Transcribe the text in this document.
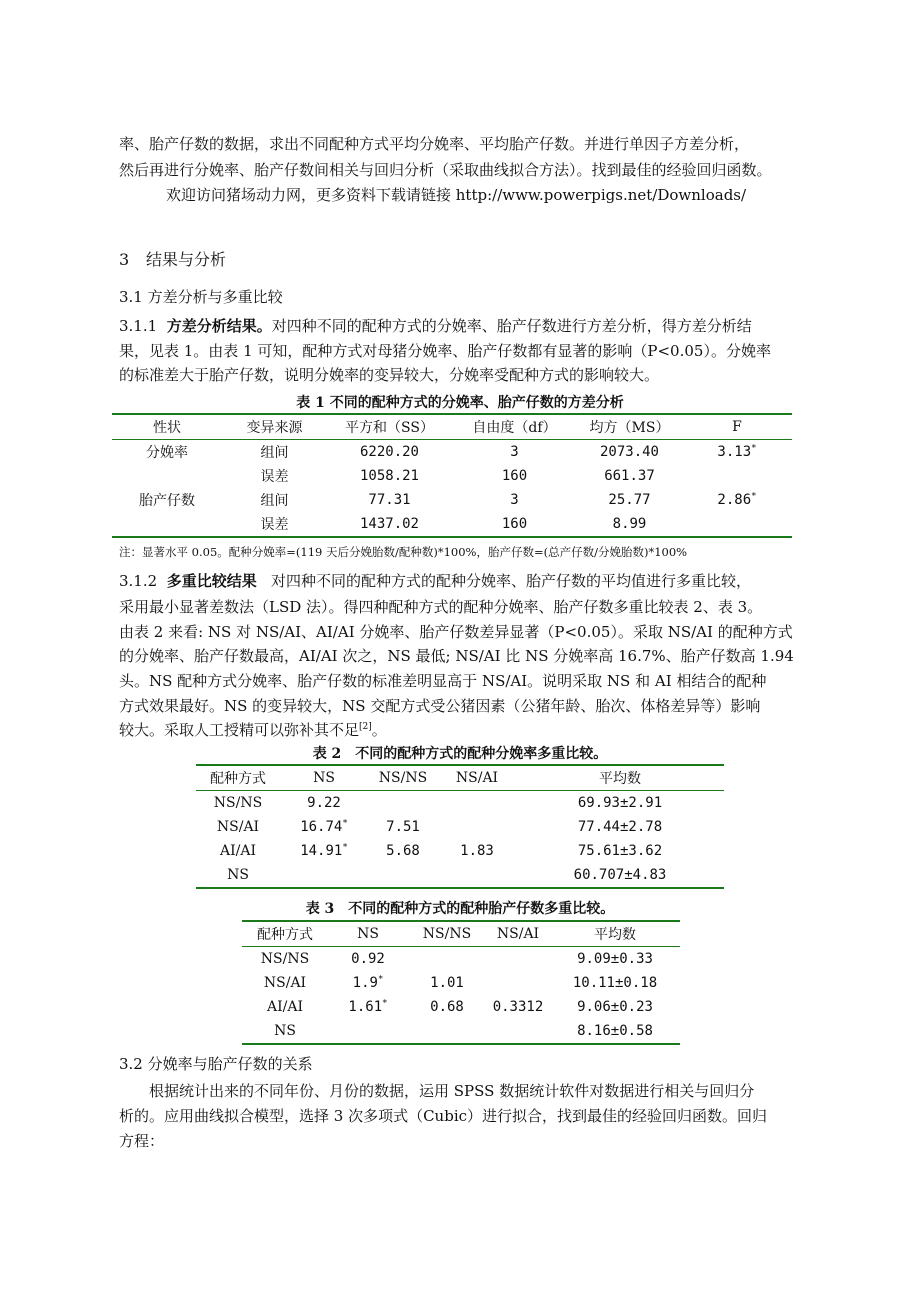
率、胎产仔数的数据，求出不同配种方式平均分娩率、平均胎产仔数。并进行单因子方差分析，
然后再进行分娩率、胎产仔数间相关与回归分析（采取曲线拟合方法）。找到最佳的经验回归函数。
欢迎访问猪场动力网，更多资料下载请链接 http://www.powerpigs.net/Downloads/
3 结果与分析
3.1 方差分析与多重比较
3.1.1 方差分析结果。对四种不同的配种方式的分娩率、胎产仔数进行方差分析，得方差分析结
果，见表 1。由表 1 可知，配种方式对母猪分娩率、胎产仔数都有显著的影响（P<0.05）。分娩率
的标准差大于胎产仔数，说明分娩率的变异较大，分娩率受配种方式的影响较大。
表 1 不同的配种方式的分娩率、胎产仔数的方差分析
性状	变异来源	平方和（SS）	自由度（df）	均方（MS）	F
分娩率	组间	6220.20	3	2073.40	3.13*
	误差	1058.21	160	661.37	
胎产仔数	组间	77.31	3	25.77	2.86*
	误差	1437.02	160	8.99	
注：显著水平 0.05。配种分娩率=(119 天后分娩胎数/配种数)*100%，胎产仔数=(总产仔数/分娩胎数)*100%
3.1.2 多重比较结果 对四种不同的配种方式的配种分娩率、胎产仔数的平均值进行多重比较，
采用最小显著差数法（LSD 法）。得四种配种方式的配种分娩率、胎产仔数多重比较表 2、表 3。
由表 2 来看: NS 对 NS/AI、AI/AI 分娩率、胎产仔数差异显著（P<0.05）。采取 NS/AI 的配种方式
的分娩率、胎产仔数最高，AI/AI 次之，NS 最低; NS/AI 比 NS 分娩率高 16.7%、胎产仔数高 1.94
头。NS 配种方式分娩率、胎产仔数的标准差明显高于 NS/AI。说明采取 NS 和 AI 相结合的配种
方式效果最好。NS 的变异较大，NS 交配方式受公猪因素（公猪年龄、胎次、体格差异等）影响
较大。采取人工授精可以弥补其不足[2]。
表 2　不同的配种方式的配种分娩率多重比较。
配种方式	NS	NS/NS	NS/AI	平均数
NS/NS	9.22			69.93±2.91
NS/AI	16.74*	7.51		77.44±2.78
AI/AI	14.91*	5.68	1.83	75.61±3.62
NS				60.707±4.83
表 3　不同的配种方式的配种胎产仔数多重比较。
配种方式	NS	NS/NS	NS/AI	平均数
NS/NS	0.92			9.09±0.33
NS/AI	1.9*	1.01		10.11±0.18
AI/AI	1.61*	0.68	0.3312	9.06±0.23
NS				8.16±0.58
3.2 分娩率与胎产仔数的关系
根据统计出来的不同年份、月份的数据，运用 SPSS 数据统计软件对数据进行相关与回归分
析的。应用曲线拟合模型，选择 3 次多项式（Cubic）进行拟合，找到最佳的经验回归函数。回归
方程：
